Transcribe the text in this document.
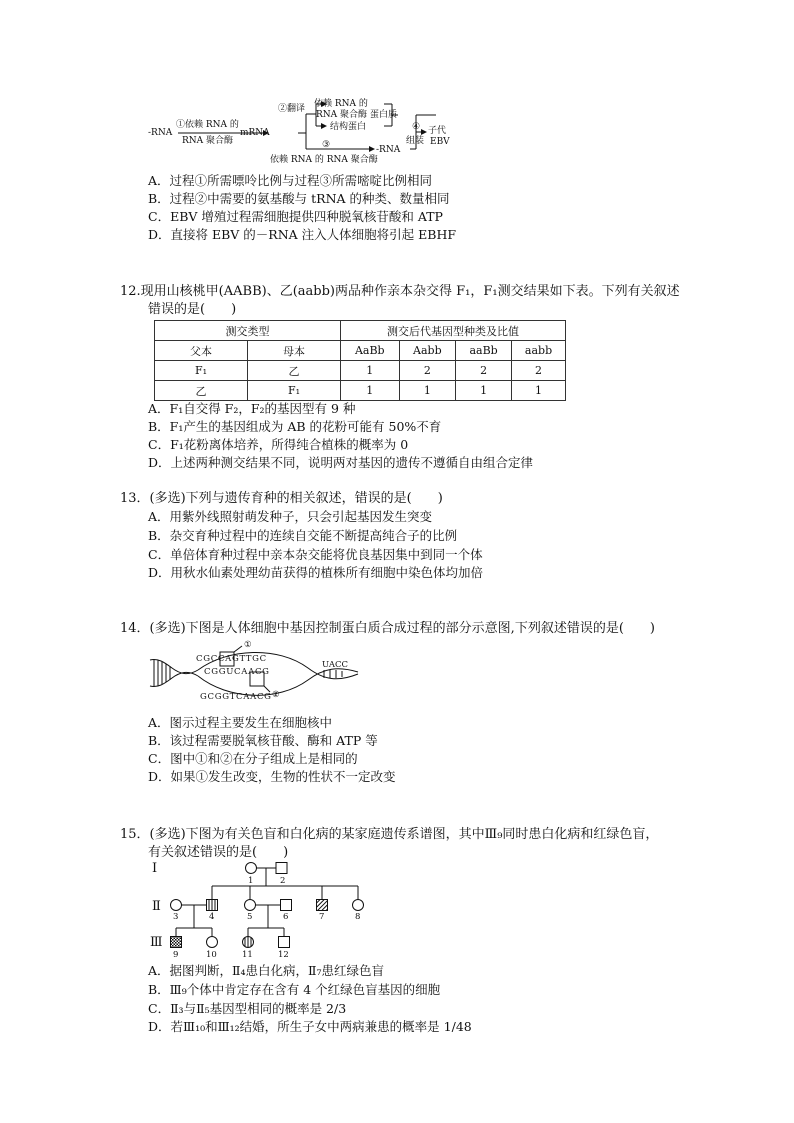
-RNA
①依赖 RNA 的
RNA 聚合酶
mRNA
②翻译 依赖 RNA 的
RNA 聚合酶
结构蛋白
蛋白质
③	-RNA
依赖 RNA 的 RNA 聚合酶
④
组装
子代
EBV
A．过程①所需嘌呤比例与过程③所需嘧啶比例相同
B．过程②中需要的氨基酸与 tRNA 的种类、数量相同
C．EBV 增殖过程需细胞提供四种脱氧核苷酸和 ATP
D．直接将 EBV 的－RNA 注入人体细胞将引起 EBHF
12.现用山核桃甲(AABB)、乙(aabb)两品种作亲本杂交得 F₁，F₁测交结果如下表。下列有关叙述
错误的是(　　)
测交类型		测交后代基因型种类及比值			
父本	母本	AaBb	Aabb	aaBb	aabb
F₁	乙	1	2	2	2
乙	F₁	1	1	1	1
A．F₁自交得 F₂，F₂的基因型有 9 种
B．F₁产生的基因组成为 AB 的花粉可能有 50%不育
C．F₁花粉离体培养，所得纯合植株的概率为 0
D．上述两种测交结果不同，说明两对基因的遗传不遵循自由组合定律
13．(多选)下列与遗传育种的相关叙述，错误的是(　　)
A．用紫外线照射萌发种子，只会引起基因发生突变
B．杂交育种过程中的连续自交能不断提高纯合子的比例
C．单倍体育种过程中亲本杂交能将优良基因集中到同一个体
D．用秋水仙素处理幼苗获得的植株所有细胞中染色体均加倍
14．(多选)下图是人体细胞中基因控制蛋白质合成过程的部分示意图,下列叙述错误的是(　　)
①
②
C G C C A G T T G C
C G G U C A A C G
G C G G T C A A C G
UACC
A．图示过程主要发生在细胞核中
B．该过程需要脱氧核苷酸、酶和 ATP 等
C．图中①和②在分子组成上是相同的
D．如果①发生改变，生物的性状不一定改变
15．(多选)下图为有关色盲和白化病的某家庭遗传系谱图，其中Ⅲ₉同时患白化病和红绿色盲，
有关叙述错误的是(　　)
Ⅰ
Ⅱ
Ⅲ
1	2
3	4	5	6	7	8
9	10	11	12
A．据图判断，Ⅱ₄患白化病，Ⅱ₇患红绿色盲
B．Ⅲ₉个体中肯定存在含有 4 个红绿色盲基因的细胞
C．Ⅱ₃与Ⅱ₅基因型相同的概率是 2/3
D．若Ⅲ₁₀和Ⅲ₁₂结婚，所生子女中两病兼患的概率是 1/48
